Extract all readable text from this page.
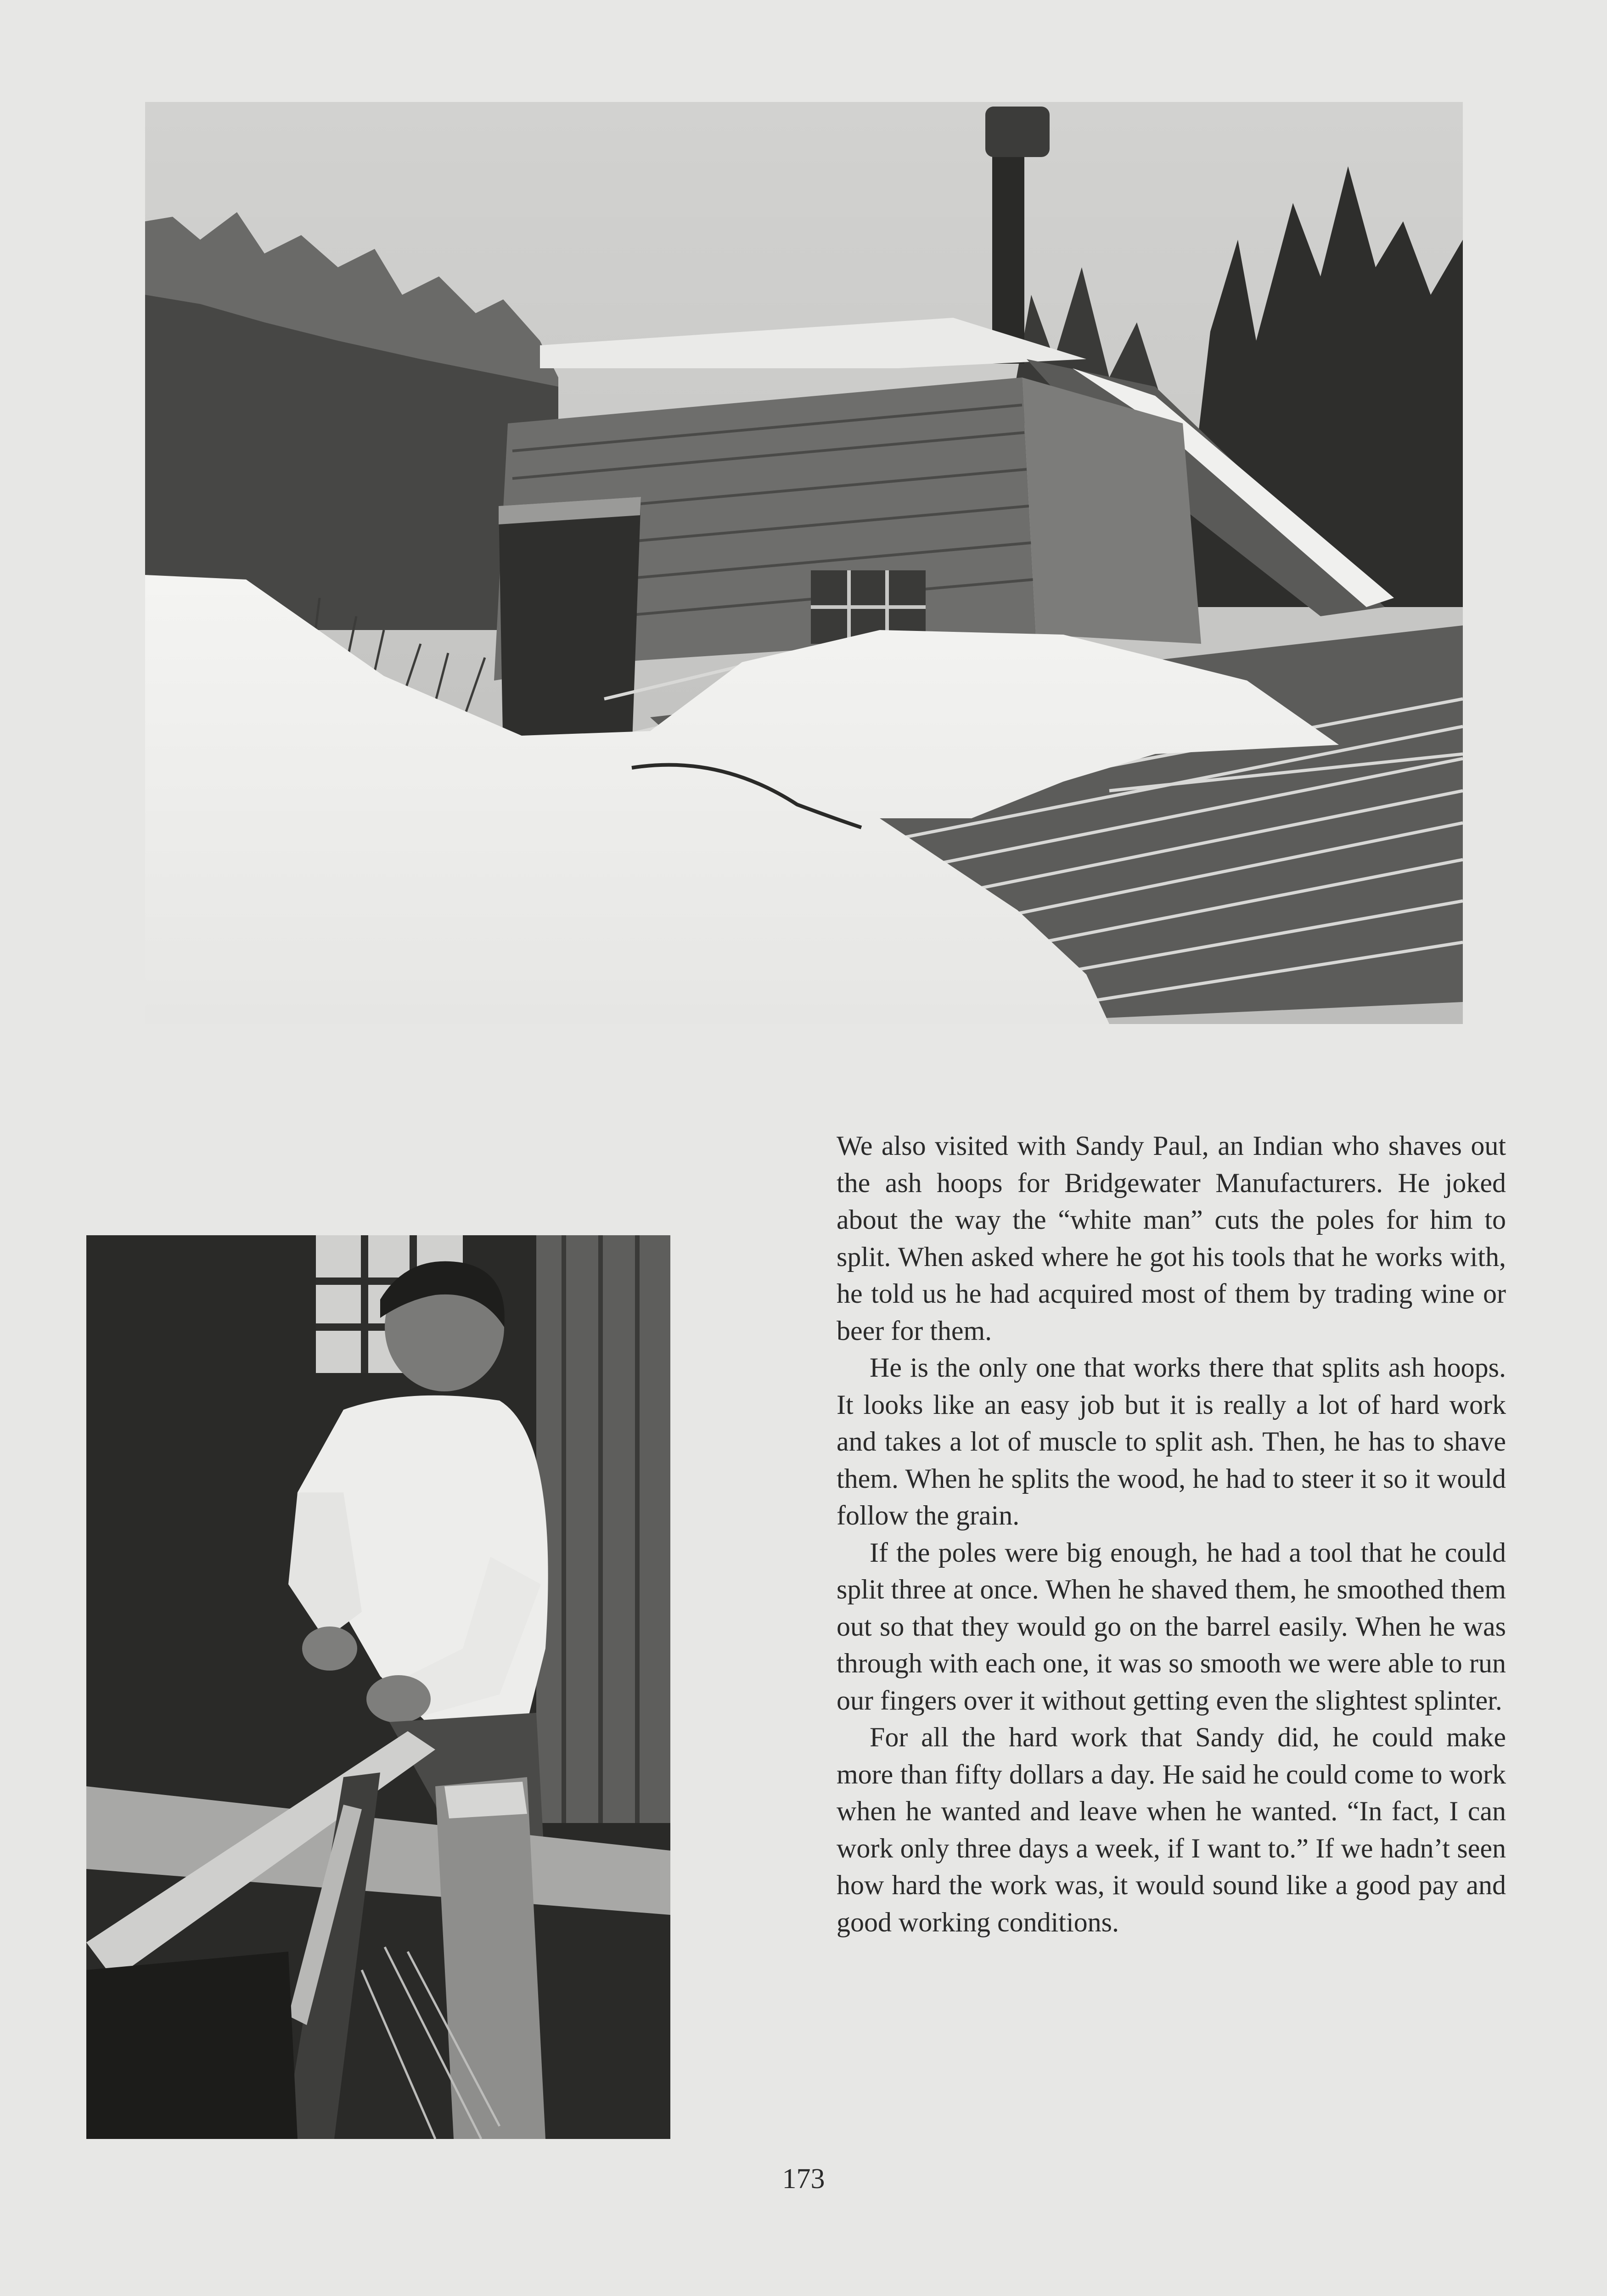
We also visited with Sandy Paul, an Indian who shaves out the ash hoops for Bridgewater Manufacturers. He joked about the way the “white man” cuts the poles for him to split. When asked where he got his tools that he works with, he told us he had acquired most of them by trading wine or beer for them.

He is the only one that works there that splits ash hoops. It looks like an easy job but it is really a lot of hard work and takes a lot of muscle to split ash. Then, he has to shave them. When he splits the wood, he had to steer it so it would follow the grain.

If the poles were big enough, he had a tool that he could split three at once. When he shaved them, he smoothed them out so that they would go on the barrel easily. When he was through with each one, it was so smooth we were able to run our fingers over it without getting even the slightest splinter.

For all the hard work that Sandy did, he could make more than fifty dollars a day. He said he could come to work when he wanted and leave when he wanted. “In fact, I can work only three days a week, if I want to.” If we hadn’t seen how hard the work was, it would sound like a good pay and good working conditions.

173
